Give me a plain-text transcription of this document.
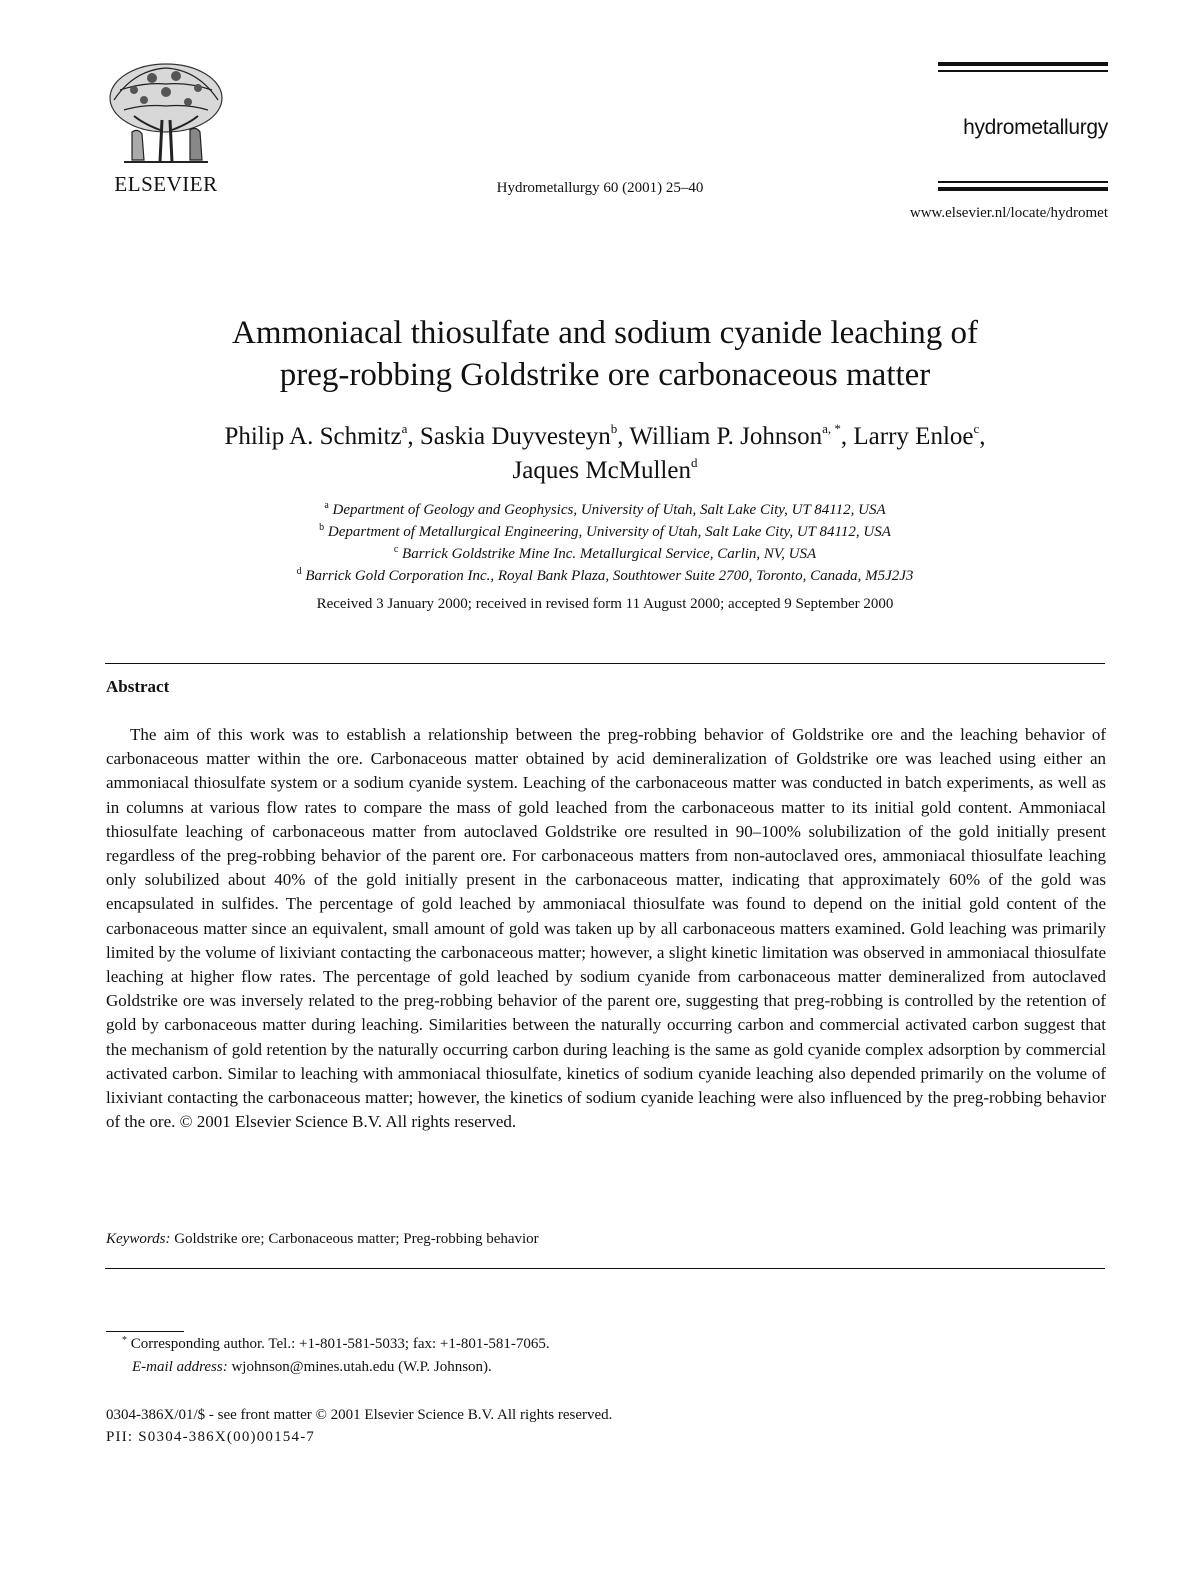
ELSEVIER	Hydrometallurgy 60 (2001) 25–40
hydrometallurgy
www.elsevier.nl/locate/hydromet
Ammoniacal thiosulfate and sodium cyanide leaching of
preg-robbing Goldstrike ore carbonaceous matter
Philip A. Schmitz$^a$, Saskia Duyvesteyn$^b$, William P. Johnson$^{a, *}$, Larry Enloe$^c$,
Jaques McMullen$^d$
$^a$ Department of Geology and Geophysics, University of Utah, Salt Lake City, UT 84112, USA
$^b$ Department of Metallurgical Engineering, University of Utah, Salt Lake City, UT 84112, USA
$^c$ Barrick Goldstrike Mine Inc. Metallurgical Service, Carlin, NV, USA
$^d$ Barrick Gold Corporation Inc., Royal Bank Plaza, Southtower Suite 2700, Toronto, Canada, M5J2J3
Received 3 January 2000; received in revised form 11 August 2000; accepted 9 September 2000
Abstract
The aim of this work was to establish a relationship between the preg-robbing behavior of Goldstrike ore and the leaching behavior of carbonaceous matter within the ore. Carbonaceous matter obtained by acid demineralization of Goldstrike ore was leached using either an ammoniacal thiosulfate system or a sodium cyanide system. Leaching of the carbonaceous matter was conducted in batch experiments, as well as in columns at various flow rates to compare the mass of gold leached from the carbonaceous matter to its initial gold content. Ammoniacal thiosulfate leaching of carbonaceous matter from autoclaved Goldstrike ore resulted in 90–100% solubilization of the gold initially present regardless of the preg-robbing behavior of the parent ore. For carbonaceous matters from non-autoclaved ores, ammoniacal thiosulfate leaching only solubilized about 40% of the gold initially present in the carbonaceous matter, indicating that approximately 60% of the gold was encapsulated in sulfides. The percentage of gold leached by ammoniacal thiosulfate was found to depend on the initial gold content of the carbonaceous matter since an equivalent, small amount of gold was taken up by all carbonaceous matters examined. Gold leaching was primarily limited by the volume of lixiviant contacting the carbonaceous matter; however, a slight kinetic limitation was observed in ammoniacal thiosulfate leaching at higher flow rates. The percentage of gold leached by sodium cyanide from carbonaceous matter demineralized from autoclaved Goldstrike ore was inversely related to the preg-robbing behavior of the parent ore, suggesting that preg-robbing is controlled by the retention of gold by carbonaceous matter during leaching. Similarities between the naturally occurring carbon and commercial activated carbon suggest that the mechanism of gold retention by the naturally occurring carbon during leaching is the same as gold cyanide complex adsorption by commercial activated carbon. Similar to leaching with ammoniacal thiosulfate, kinetics of sodium cyanide leaching also depended primarily on the volume of lixiviant contacting the carbonaceous matter; however, the kinetics of sodium cyanide leaching were also influenced by the preg-robbing behavior of the ore. © 2001 Elsevier Science B.V. All rights reserved.
Keywords: Goldstrike ore; Carbonaceous matter; Preg-robbing behavior
* Corresponding author. Tel.: +1-801-581-5033; fax: +1-801-581-7065.
E-mail address: wjohnson@mines.utah.edu (W.P. Johnson).
0304-386X/01/$ - see front matter © 2001 Elsevier Science B.V. All rights reserved.
PII: S0304-386X(00)00154-7
